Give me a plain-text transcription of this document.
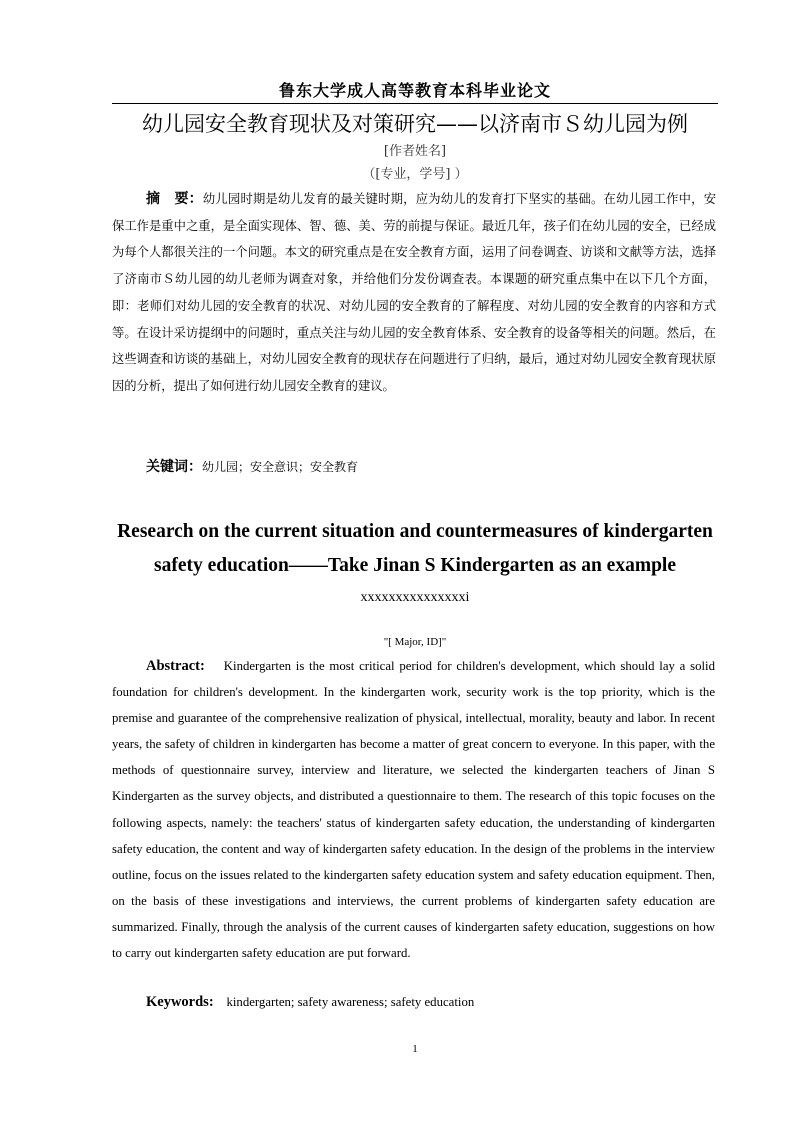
鲁东大学成人高等教育本科毕业论文
幼儿园安全教育现状及对策研究——以济南市Ｓ幼儿园为例
[作者姓名]
（[专业，学号] ）

摘　要：幼儿园时期是幼儿发育的最关键时期，应为幼儿的发育打下坚实的基础。在幼儿园工作中，安保工作是重中之重，是全面实现体、智、德、美、劳的前提与保证。最近几年，孩子们在幼儿园的安全，已经成为每个人都很关注的一个问题。本文的研究重点是在安全教育方面，运用了问卷调查、访谈和文献等方法，选择了济南市Ｓ幼儿园的幼儿老师为调查对象，并给他们分发份调查表。本课题的研究重点集中在以下几个方面，即：老师们对幼儿园的安全教育的状况、对幼儿园的安全教育的了解程度、对幼儿园的安全教育的内容和方式等。在设计采访提纲中的问题时，重点关注与幼儿园的安全教育体系、安全教育的设备等相关的问题。然后，在这些调查和访谈的基础上，对幼儿园安全教育的现状存在问题进行了归纳，最后，通过对幼儿园安全教育现状原因的分析，提出了如何进行幼儿园安全教育的建议。

关键词：幼儿园；安全意识；安全教育

Research on the current situation and countermeasures of kindergarten safety education——Take Jinan S Kindergarten as an example

xxxxxxxxxxxxxxxi
"[ Major, ID]"

Abstract: Kindergarten is the most critical period for children's development, which should lay a solid foundation for children's development. In the kindergarten work, security work is the top priority, which is the premise and guarantee of the comprehensive realization of physical, intellectual, morality, beauty and labor. In recent years, the safety of children in kindergarten has become a matter of great concern to everyone. In this paper, with the methods of questionnaire survey, interview and literature, we selected the kindergarten teachers of Jinan S Kindergarten as the survey objects, and distributed a questionnaire to them. The research of this topic focuses on the following aspects, namely: the teachers' status of kindergarten safety education, the understanding of kindergarten safety education, the content and way of kindergarten safety education. In the design of the problems in the interview outline, focus on the issues related to the kindergarten safety education system and safety education equipment. Then, on the basis of these investigations and interviews, the current problems of kindergarten safety education are summarized. Finally, through the analysis of the current causes of kindergarten safety education, suggestions on how to carry out kindergarten safety education are put forward.

Keywords: kindergarten; safety awareness; safety education
1
